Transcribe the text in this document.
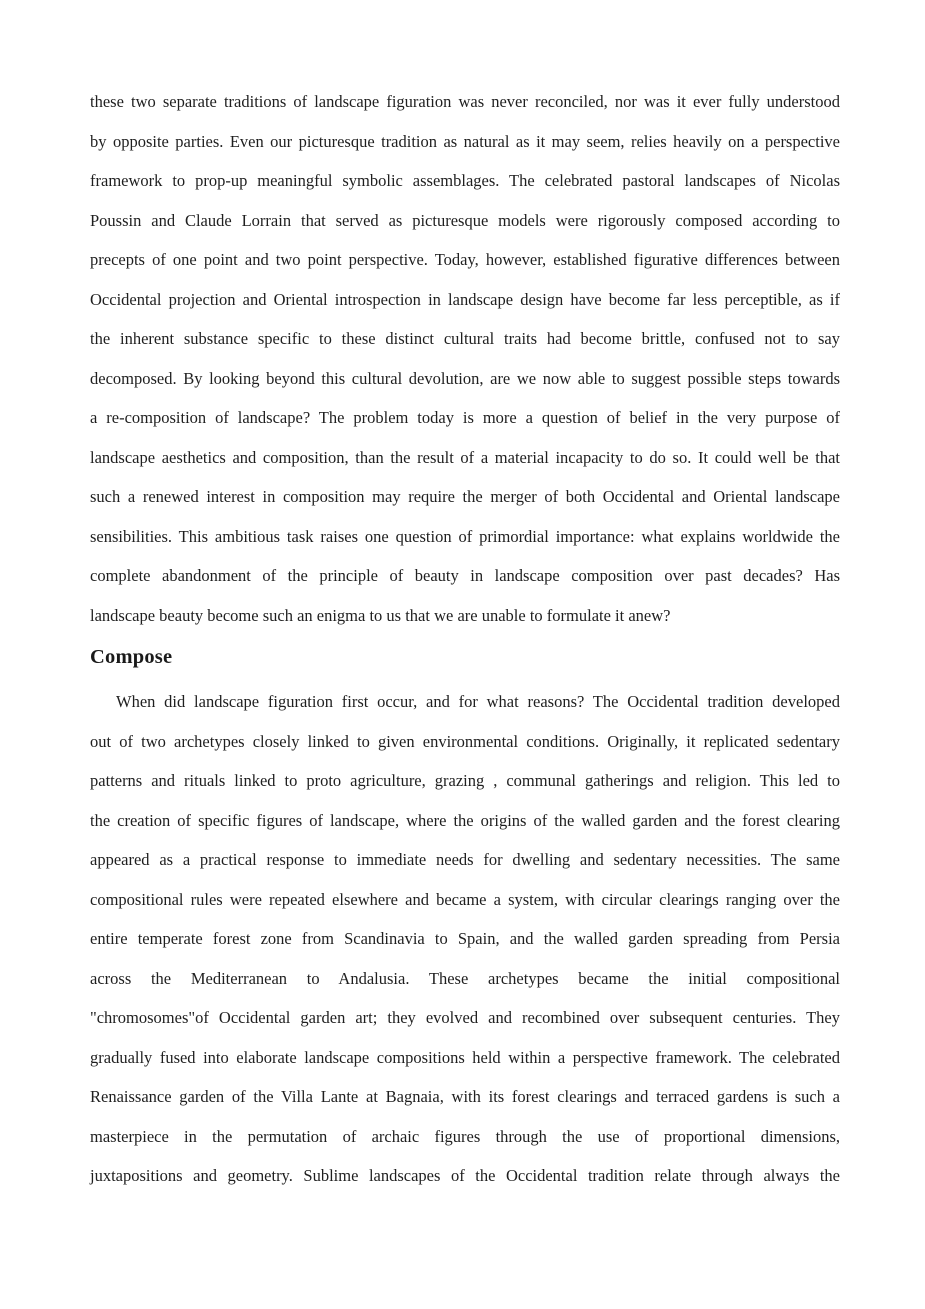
these two separate traditions of landscape figuration was never reconciled, nor was it ever fully understood
by opposite parties. Even our picturesque tradition as natural as it may seem, relies heavily on a perspective
framework to prop-up meaningful symbolic assemblages. The celebrated pastoral landscapes of Nicolas
Poussin and Claude Lorrain that served as picturesque models were rigorously composed according to
precepts of one point and two point perspective. Today, however, established figurative differences between
Occidental projection and Oriental introspection in landscape design have become far less perceptible, as if
the inherent substance specific to these distinct cultural traits had become brittle, confused not to say
decomposed. By looking beyond this cultural devolution, are we now able to suggest possible steps towards
a re-composition of landscape? The problem today is more a question of belief in the very purpose of
landscape aesthetics and composition, than the result of a material incapacity to do so. It could well be that
such a renewed interest in composition may require the merger of both Occidental and Oriental landscape
sensibilities. This ambitious task raises one question of primordial importance: what explains worldwide the
complete abandonment of the principle of beauty in landscape composition over past decades? Has
landscape beauty become such an enigma to us that we are unable to formulate it anew?
Compose
When did landscape figuration first occur, and for what reasons? The Occidental tradition developed
out of two archetypes closely linked to given environmental conditions. Originally, it replicated sedentary
patterns and rituals linked to proto agriculture, grazing , communal gatherings and religion. This led to
the creation of specific figures of landscape, where the origins of the walled garden and the forest clearing
appeared as a practical response to immediate needs for dwelling and sedentary necessities. The same
compositional rules were repeated elsewhere and became a system, with circular clearings ranging over the
entire temperate forest zone from Scandinavia to Spain, and the walled garden spreading from Persia
across the Mediterranean to Andalusia. These archetypes became the initial compositional
"chromosomes"of Occidental garden art; they evolved and recombined over subsequent centuries. They
gradually fused into elaborate landscape compositions held within a perspective framework. The celebrated
Renaissance garden of the Villa Lante at Bagnaia, with its forest clearings and terraced gardens is such a
masterpiece in the permutation of archaic figures through the use of proportional dimensions,
juxtapositions and geometry. Sublime landscapes of the Occidental tradition relate through always the
